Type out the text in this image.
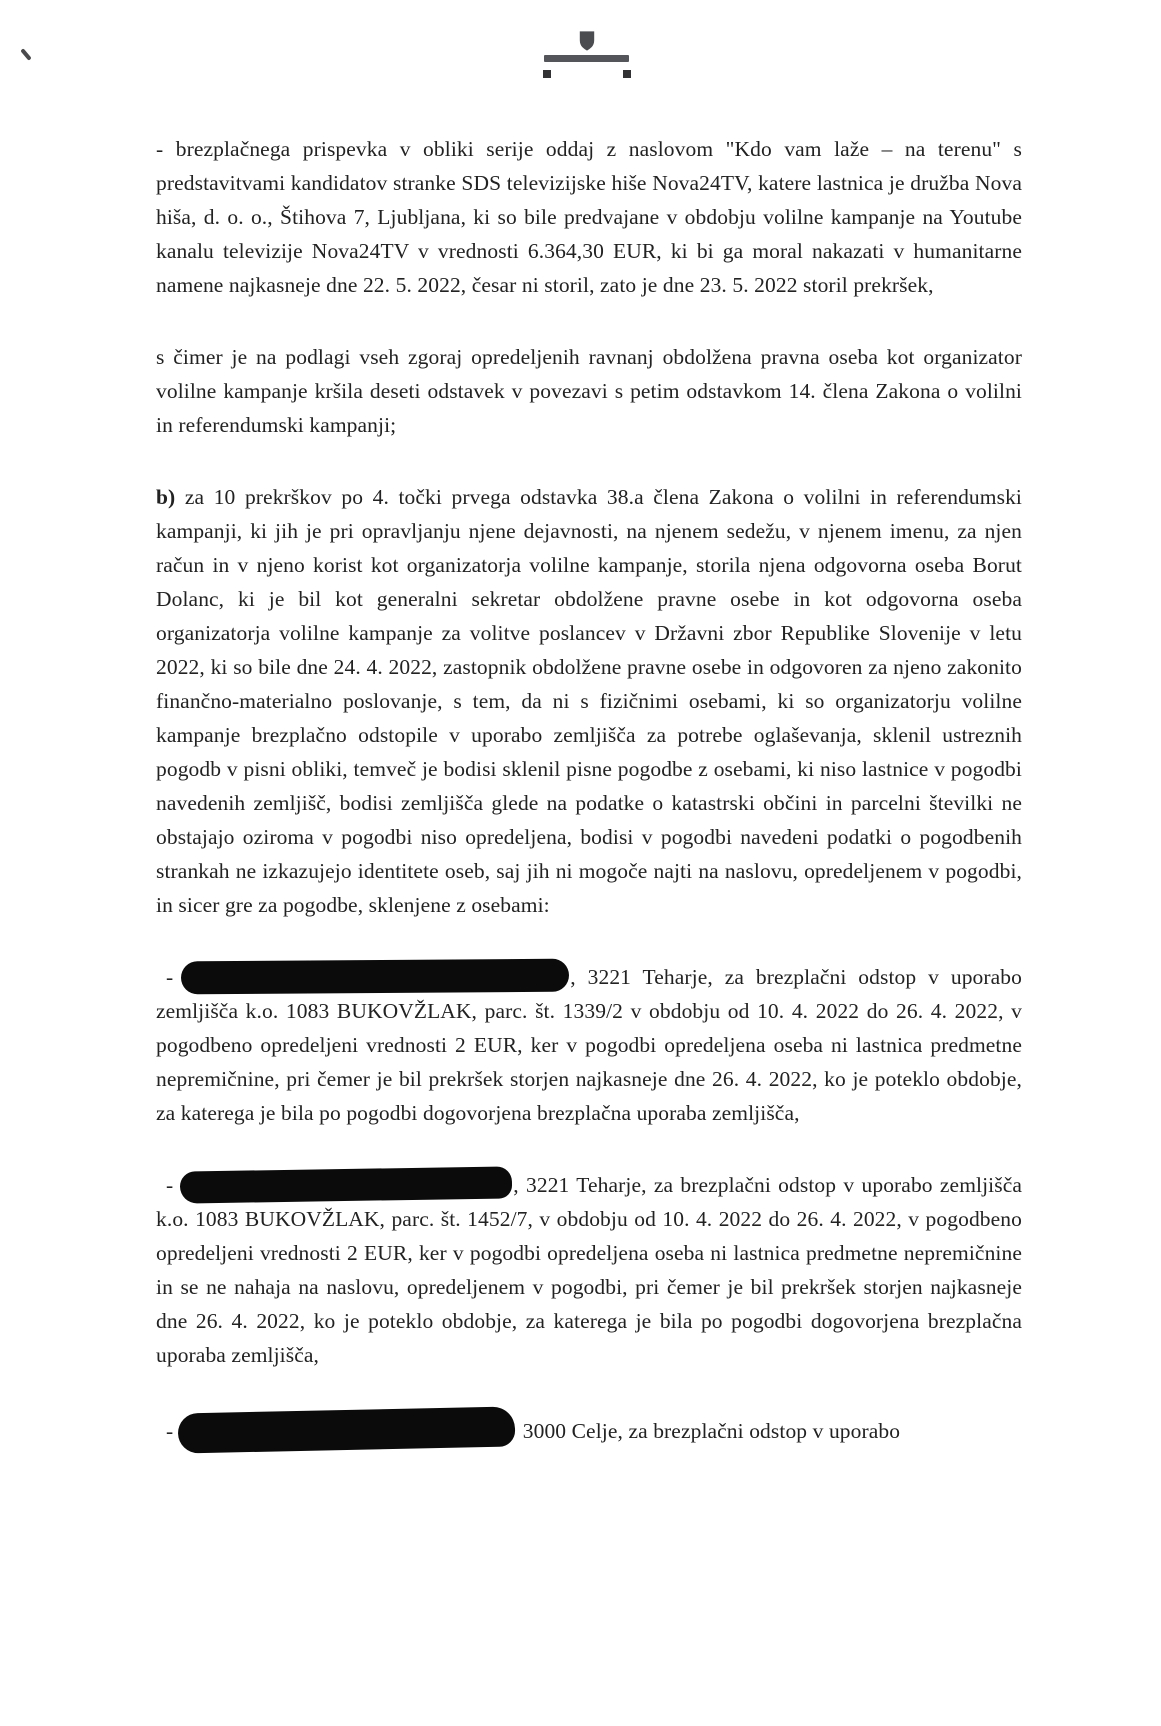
- brezplačnega prispevka v obliki serije oddaj z naslovom "Kdo vam laže – na terenu" s predstavitvami kandidatov stranke SDS televizijske hiše Nova24TV, katere lastnica je družba Nova hiša, d. o. o., Štihova 7, Ljubljana, ki so bile predvajane v obdobju volilne kampanje na Youtube kanalu televizije Nova24TV v vrednosti 6.364,30 EUR, ki bi ga moral nakazati v humanitarne namene najkasneje dne 22. 5. 2022, česar ni storil, zato je dne 23. 5. 2022 storil prekršek,

s čimer je na podlagi vseh zgoraj opredeljenih ravnanj obdolžena pravna oseba kot organizator volilne kampanje kršila deseti odstavek v povezavi s petim odstavkom 14. člena Zakona o volilni in referendumski kampanji;

b) za 10 prekrškov po 4. točki prvega odstavka 38.a člena Zakona o volilni in referendumski kampanji, ki jih je pri opravljanju njene dejavnosti, na njenem sedežu, v njenem imenu, za njen račun in v njeno korist kot organizatorja volilne kampanje, storila njena odgovorna oseba Borut Dolanc, ki je bil kot generalni sekretar obdolžene pravne osebe in kot odgovorna oseba organizatorja volilne kampanje za volitve poslancev v Državni zbor Republike Slovenije v letu 2022, ki so bile dne 24. 4. 2022, zastopnik obdolžene pravne osebe in odgovoren za njeno zakonito finančno-materialno poslovanje, s tem, da ni s fizičnimi osebami, ki so organizatorju volilne kampanje brezplačno odstopile v uporabo zemljišča za potrebe oglaševanja, sklenil ustreznih pogodb v pisni obliki, temveč je bodisi sklenil pisne pogodbe z osebami, ki niso lastnice v pogodbi navedenih zemljišč, bodisi zemljišča glede na podatke o katastrski občini in parcelni številki ne obstajajo oziroma v pogodbi niso opredeljena, bodisi v pogodbi navedeni podatki o pogodbenih strankah ne izkazujejo identitete oseb, saj jih ni mogoče najti na naslovu, opredeljenem v pogodbi, in sicer gre za pogodbe, sklenjene z osebami:

-	, 3221 Teharje, za brezplačni odstop v uporabo zemljišča k.o. 1083 BUKOVŽLAK, parc. št. 1339/2 v obdobju od 10. 4. 2022 do 26. 4. 2022, v pogodbeno opredeljeni vrednosti 2 EUR, ker v pogodbi opredeljena oseba ni lastnica predmetne nepremičnine, pri čemer je bil prekršek storjen najkasneje dne 26. 4. 2022, ko je poteklo obdobje, za katerega je bila po pogodbi dogovorjena brezplačna uporaba zemljišča,

-	, 3221 Teharje, za brezplačni odstop v uporabo zemljišča k.o. 1083 BUKOVŽLAK, parc. št. 1452/7, v obdobju od 10. 4. 2022 do 26. 4. 2022, v pogodbeno opredeljeni vrednosti 2 EUR, ker v pogodbi opredeljena oseba ni lastnica predmetne nepremičnine in se ne nahaja na naslovu, opredeljenem v pogodbi, pri čemer je bil prekršek storjen najkasneje dne 26. 4. 2022, ko je poteklo obdobje, za katerega je bila po pogodbi dogovorjena brezplačna uporaba zemljišča,

-	3000 Celje, za brezplačni odstop v uporabo
